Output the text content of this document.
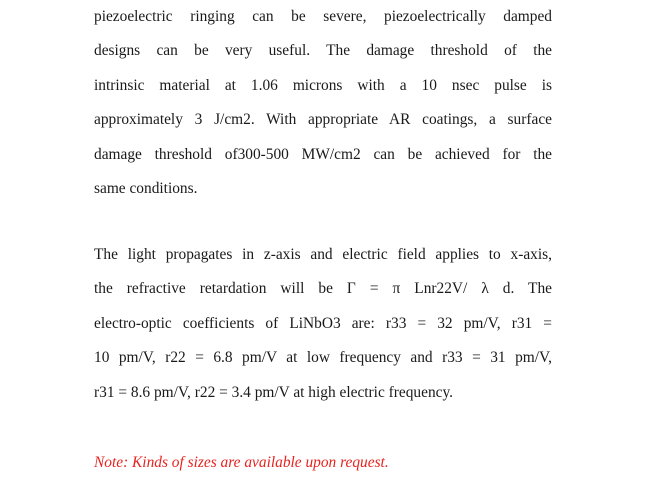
piezoelectric ringing can be severe, piezoelectrically damped
designs can be very useful. The damage threshold of the
intrinsic material at 1.06 microns with a 10 nsec pulse is
approximately 3 J/cm2. With appropriate AR coatings, a surface
damage threshold of300-500 MW/cm2 can be achieved for the
same conditions.
The light propagates in z-axis and electric field applies to x-axis,
the refractive retardation will be Γ = π Lnr22V/ λ d. The
electro-optic coefficients of LiNbO3 are: r33 = 32 pm/V, r31 =
10 pm/V, r22 = 6.8 pm/V at low frequency and r33 = 31 pm/V,
r31 = 8.6 pm/V, r22 = 3.4 pm/V at high electric frequency.
Note: Kinds of sizes are available upon request.
